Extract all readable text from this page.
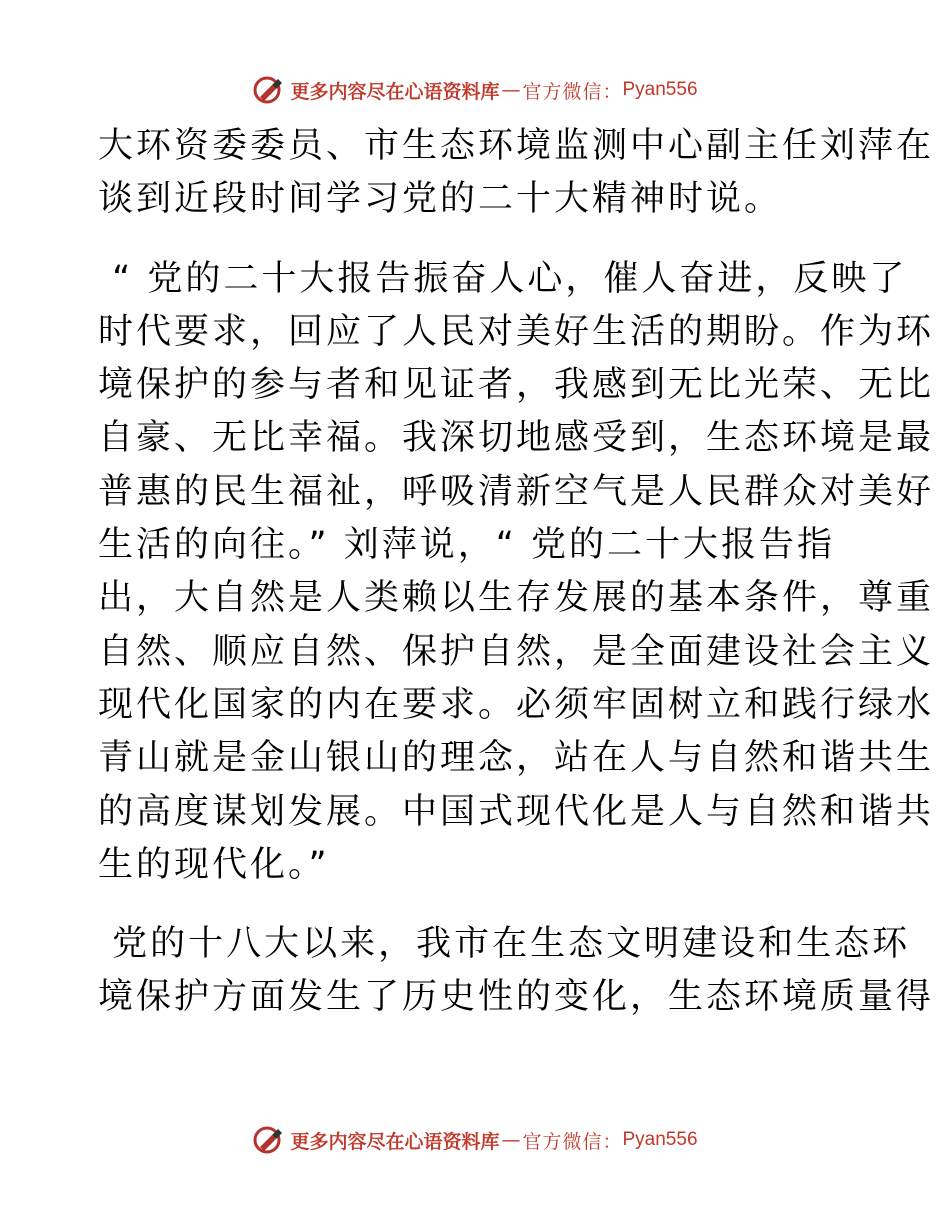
更多内容尽在心语资料库 — 官方微信： Pyan556
大环资委委员、市生态环境监测中心副主任刘萍在
谈到近段时间学习党的二十大精神时说。
“ 党的二十大报告振奋人心，催人奋进，反映了
时代要求，回应了人民对美好生活的期盼。作为环
境保护的参与者和见证者，我感到无比光荣、无比
自豪、无比幸福。我深切地感受到，生态环境是最
普惠的民生福祉，呼吸清新空气是人民群众对美好
生活的向往。” 刘萍说，“ 党的二十大报告指
出，大自然是人类赖以生存发展的基本条件，尊重
自然、顺应自然、保护自然，是全面建设社会主义
现代化国家的内在要求。必须牢固树立和践行绿水
青山就是金山银山的理念，站在人与自然和谐共生
的高度谋划发展。中国式现代化是人与自然和谐共
生的现代化。”
党的十八大以来，我市在生态文明建设和生态环
境保护方面发生了历史性的变化，生态环境质量得
更多内容尽在心语资料库 — 官方微信： Pyan556
